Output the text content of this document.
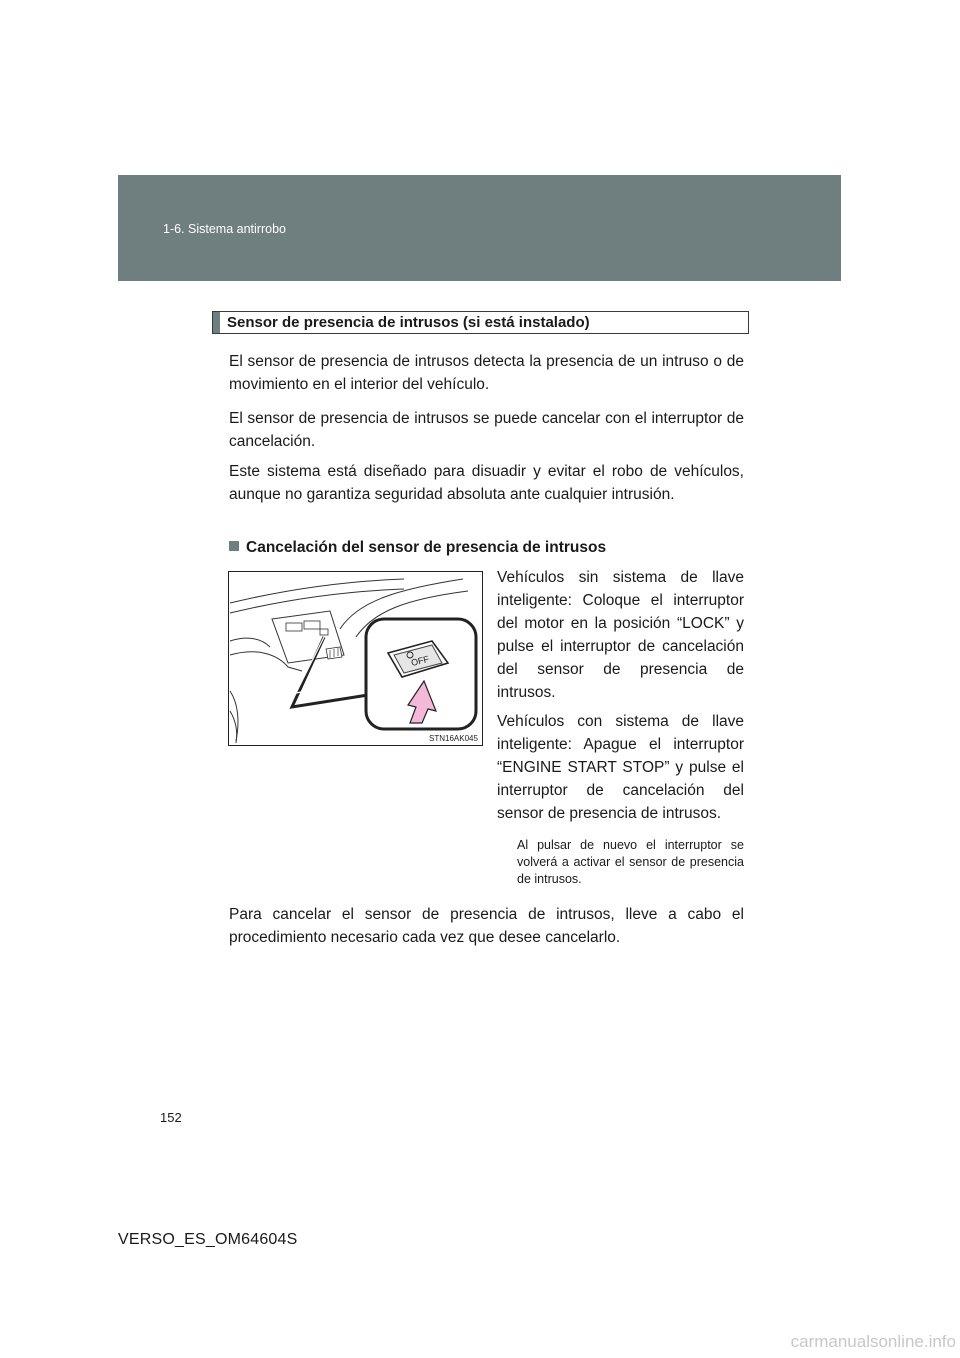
1-6. Sistema antirrobo
Sensor de presencia de intrusos (si está instalado)
El sensor de presencia de intrusos detecta la presencia de un intruso o de movimiento en el interior del vehículo.
El sensor de presencia de intrusos se puede cancelar con el interruptor de cancelación.
Este sistema está diseñado para disuadir y evitar el robo de vehículos, aunque no garantiza seguridad absoluta ante cualquier intrusión.
Cancelación del sensor de presencia de intrusos
OFF
STN16AK045
Vehículos sin sistema de llave inteligente: Coloque el interruptor del motor en la posición “LOCK” y pulse el interruptor de cancelación del sensor de presencia de intrusos.
Vehículos con sistema de llave inteligente: Apague el interruptor “ENGINE START STOP” y pulse el interruptor de cancelación del sensor de presencia de intrusos.
Al pulsar de nuevo el interruptor se volverá a activar el sensor de presencia de intrusos.
Para cancelar el sensor de presencia de intrusos, lleve a cabo el procedimiento necesario cada vez que desee cancelarlo.
152
VERSO_ES_OM64604S
carmanualsonline.info
